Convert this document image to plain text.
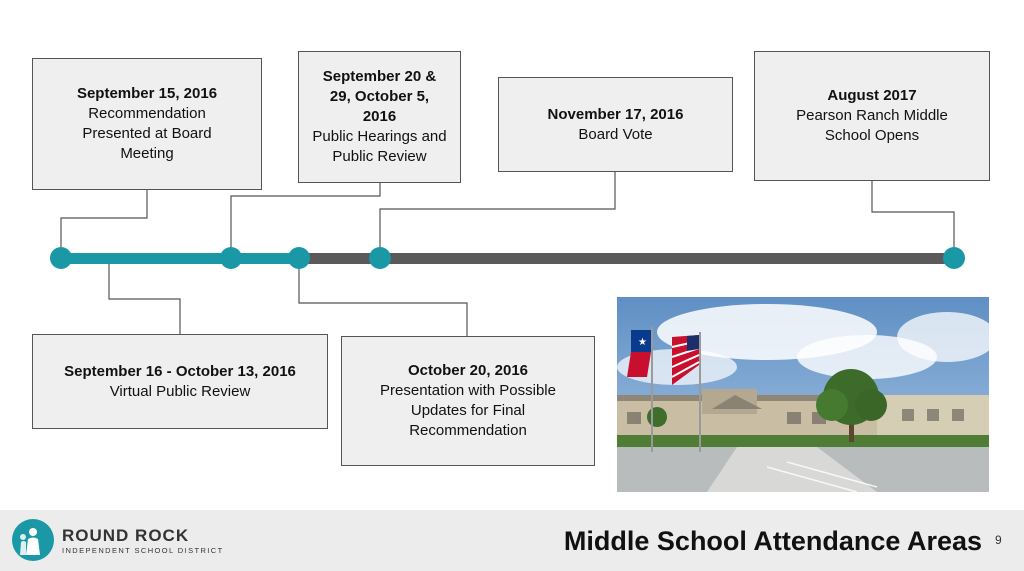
September 15, 2016
Recommendation Presented at Board Meeting
September 20 & 29, October 5, 2016
Public Hearings and Public Review
November 17, 2016
Board Vote
August 2017
Pearson Ranch Middle School Opens
September 16 - October 13, 2016
Virtual Public Review
October 20, 2016
Presentation with Possible Updates for Final Recommendation
★
ROUND ROCK
INDEPENDENT SCHOOL DISTRICT	Middle School Attendance Areas 9
